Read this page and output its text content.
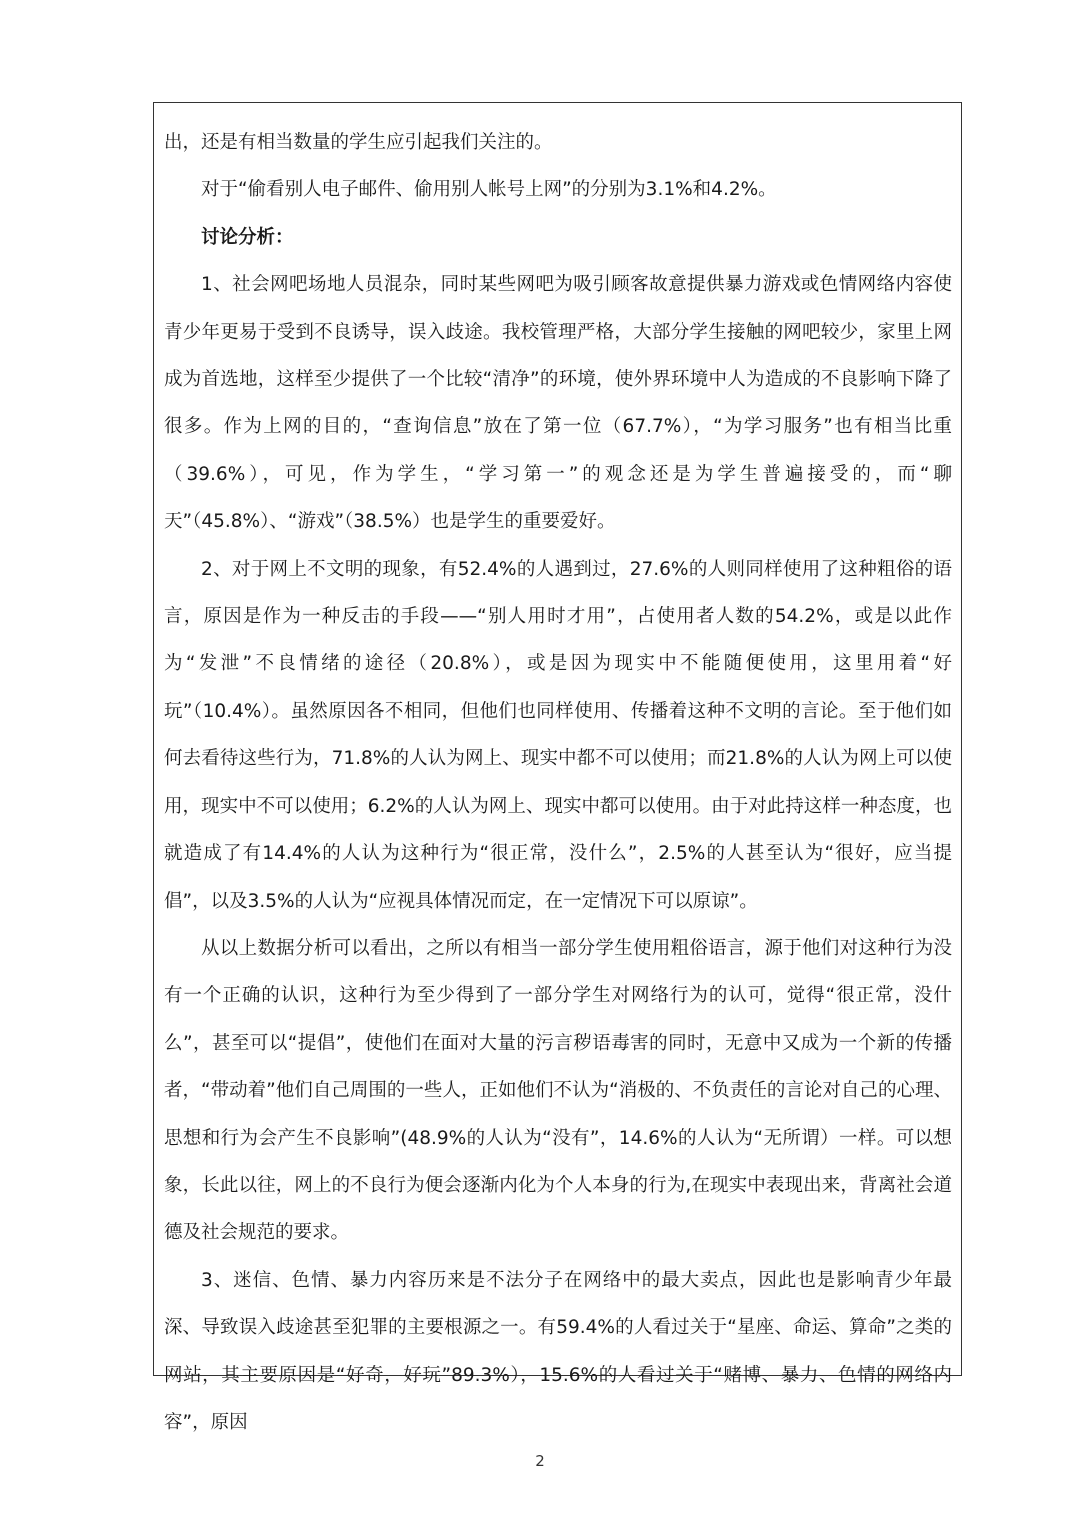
出，还是有相当数量的学生应引起我们关注的。

对于“偷看别人电子邮件、偷用别人帐号上网”的分别为3.1%和4.2%。

讨论分析：

1、社会网吧场地人员混杂，同时某些网吧为吸引顾客故意提供暴力游戏或色情网络内容使青少年更易于受到不良诱导，误入歧途。我校管理严格，大部分学生接触的网吧较少，家里上网成为首选地，这样至少提供了一个比较“清净”的环境，使外界环境中人为造成的不良影响下降了很多。作为上网的目的，“查询信息”放在了第一位（67.7%），“为学习服务”也有相当比重（39.6%），可见，作为学生，“学习第一”的观念还是为学生普遍接受的，而“聊天”（45.8%）、“游戏”（38.5%）也是学生的重要爱好。

2、对于网上不文明的现象，有52.4%的人遇到过，27.6%的人则同样使用了这种粗俗的语言，原因是作为一种反击的手段——“别人用时才用”，占使用者人数的54.2%，或是以此作为“发泄”不良情绪的途径（20.8%），或是因为现实中不能随便使用，这里用着“好玩”（10.4%）。虽然原因各不相同，但他们也同样使用、传播着这种不文明的言论。至于他们如何去看待这些行为，71.8%的人认为网上、现实中都不可以使用；而21.8%的人认为网上可以使用，现实中不可以使用；6.2%的人认为网上、现实中都可以使用。由于对此持这样一种态度，也就造成了有14.4%的人认为这种行为“很正常，没什么”，2.5%的人甚至认为“很好，应当提倡”，以及3.5%的人认为“应视具体情况而定，在一定情况下可以原谅”。

从以上数据分析可以看出，之所以有相当一部分学生使用粗俗语言，源于他们对这种行为没有一个正确的认识，这种行为至少得到了一部分学生对网络行为的认可，觉得“很正常，没什么”，甚至可以“提倡”，使他们在面对大量的污言秽语毒害的同时，无意中又成为一个新的传播者，“带动着”他们自己周围的一些人，正如他们不认为“消极的、不负责任的言论对自己的心理、思想和行为会产生不良影响”(48.9%的人认为“没有”，14.6%的人认为“无所谓）一样。可以想象，长此以往，网上的不良行为便会逐渐内化为个人本身的行为,在现实中表现出来，背离社会道德及社会规范的要求。

3、迷信、色情、暴力内容历来是不法分子在网络中的最大卖点，因此也是影响青少年最深、导致误入歧途甚至犯罪的主要根源之一。有59.4%的人看过关于“星座、命运、算命”之类的网站，其主要原因是“好奇，好玩”89.3%），15.6%的人看过关于“赌博、暴力、色情的网络内容”，原因

2
